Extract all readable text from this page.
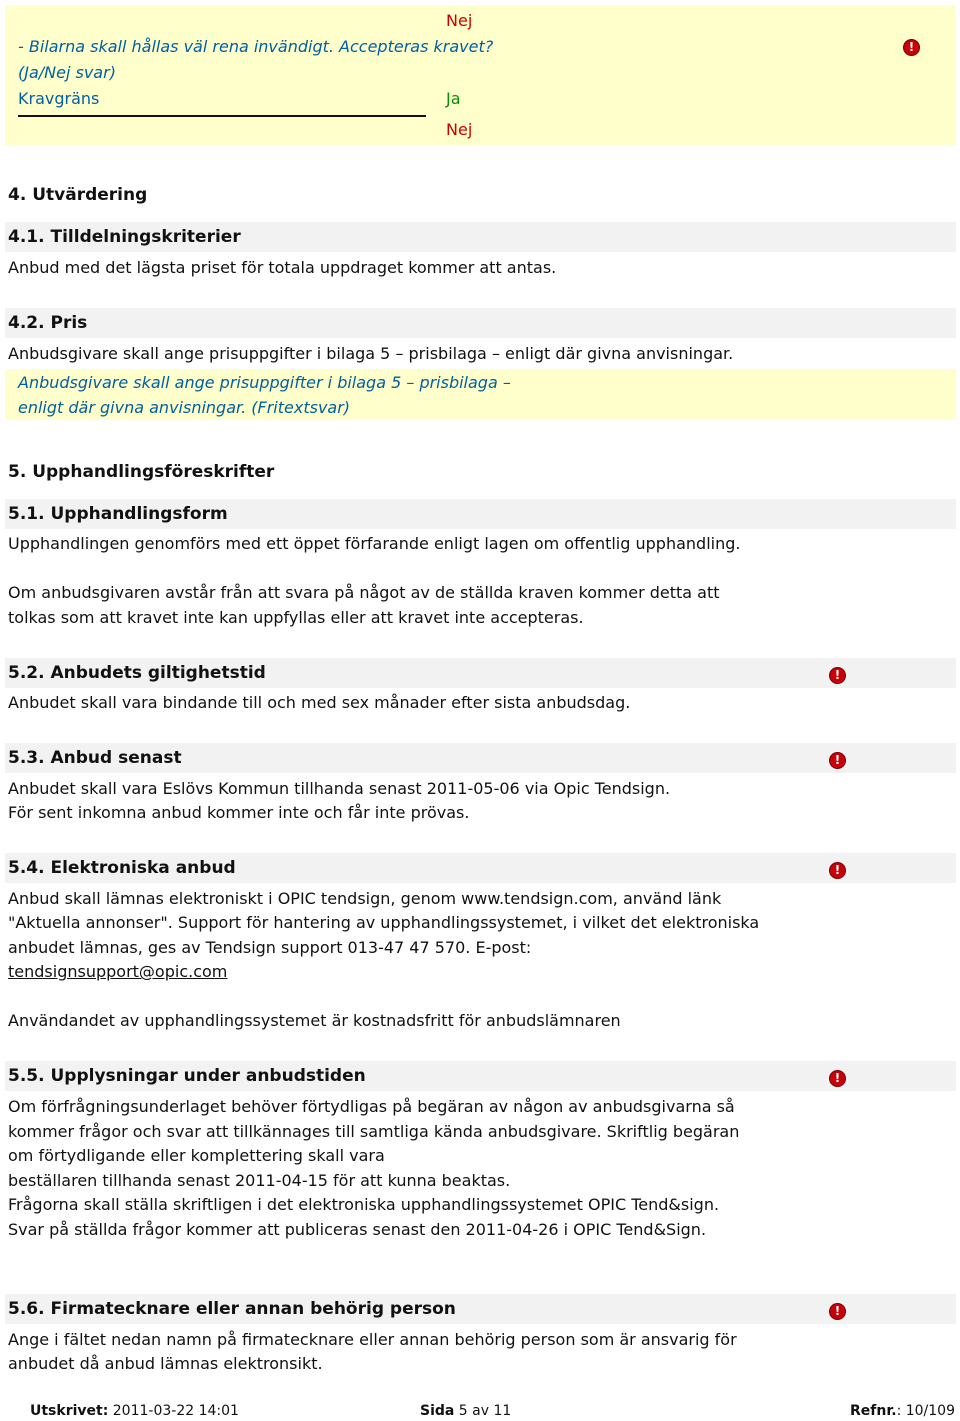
Nej
- Bilarna skall hållas väl rena invändigt. Accepteras kravet?
(Ja/Nej svar)
Kravgräns	Ja
Nej
!
4. Utvärdering
4.1. Tilldelningskriterier
Anbud med det lägsta priset för totala uppdraget kommer att antas.
4.2. Pris
Anbudsgivare skall ange prisuppgifter i bilaga 5 – prisbilaga – enligt där givna anvisningar.
Anbudsgivare skall ange prisuppgifter i bilaga 5 – prisbilaga –
enligt där givna anvisningar. (Fritextsvar)
5. Upphandlingsföreskrifter
5.1. Upphandlingsform
Upphandlingen genomförs med ett öppet förfarande enligt lagen om offentlig upphandling.
Om anbudsgivaren avstår från att svara på något av de ställda kraven kommer detta att
tolkas som att kravet inte kan uppfyllas eller att kravet inte accepteras.
5.2. Anbudets giltighetstid	!
Anbudet skall vara bindande till och med sex månader efter sista anbudsdag.
5.3. Anbud senast	!
Anbudet skall vara Eslövs Kommun tillhanda senast 2011-05-06 via Opic Tendsign.
För sent inkomna anbud kommer inte och får inte prövas.
5.4. Elektroniska anbud	!
Anbud skall lämnas elektroniskt i OPIC tendsign, genom www.tendsign.com, använd länk
"Aktuella annonser". Support för hantering av upphandlingssystemet, i vilket det elektroniska
anbudet lämnas, ges av Tendsign support 013-47 47 570. E-post:
tendsignsupport@opic.com
Användandet av upphandlingssystemet är kostnadsfritt för anbudslämnaren
5.5. Upplysningar under anbudstiden	!
Om förfrågningsunderlaget behöver förtydligas på begäran av någon av anbudsgivarna så
kommer frågor och svar att tillkännages till samtliga kända anbudsgivare. Skriftlig begäran
om förtydligande eller komplettering skall vara
beställaren tillhanda senast 2011-04-15 för att kunna beaktas.
Frågorna skall ställa skriftligen i det elektroniska upphandlingssystemet OPIC Tend&sign.
Svar på ställda frågor kommer att publiceras senast den 2011-04-26 i OPIC Tend&Sign.
5.6. Firmatecknare eller annan behörig person	!
Ange i fältet nedan namn på firmatecknare eller annan behörig person som är ansvarig för
anbudet då anbud lämnas elektronsikt.
Utskrivet: 2011-03-22 14:01	Sida 5 av 11	Refnr.: 10/109
